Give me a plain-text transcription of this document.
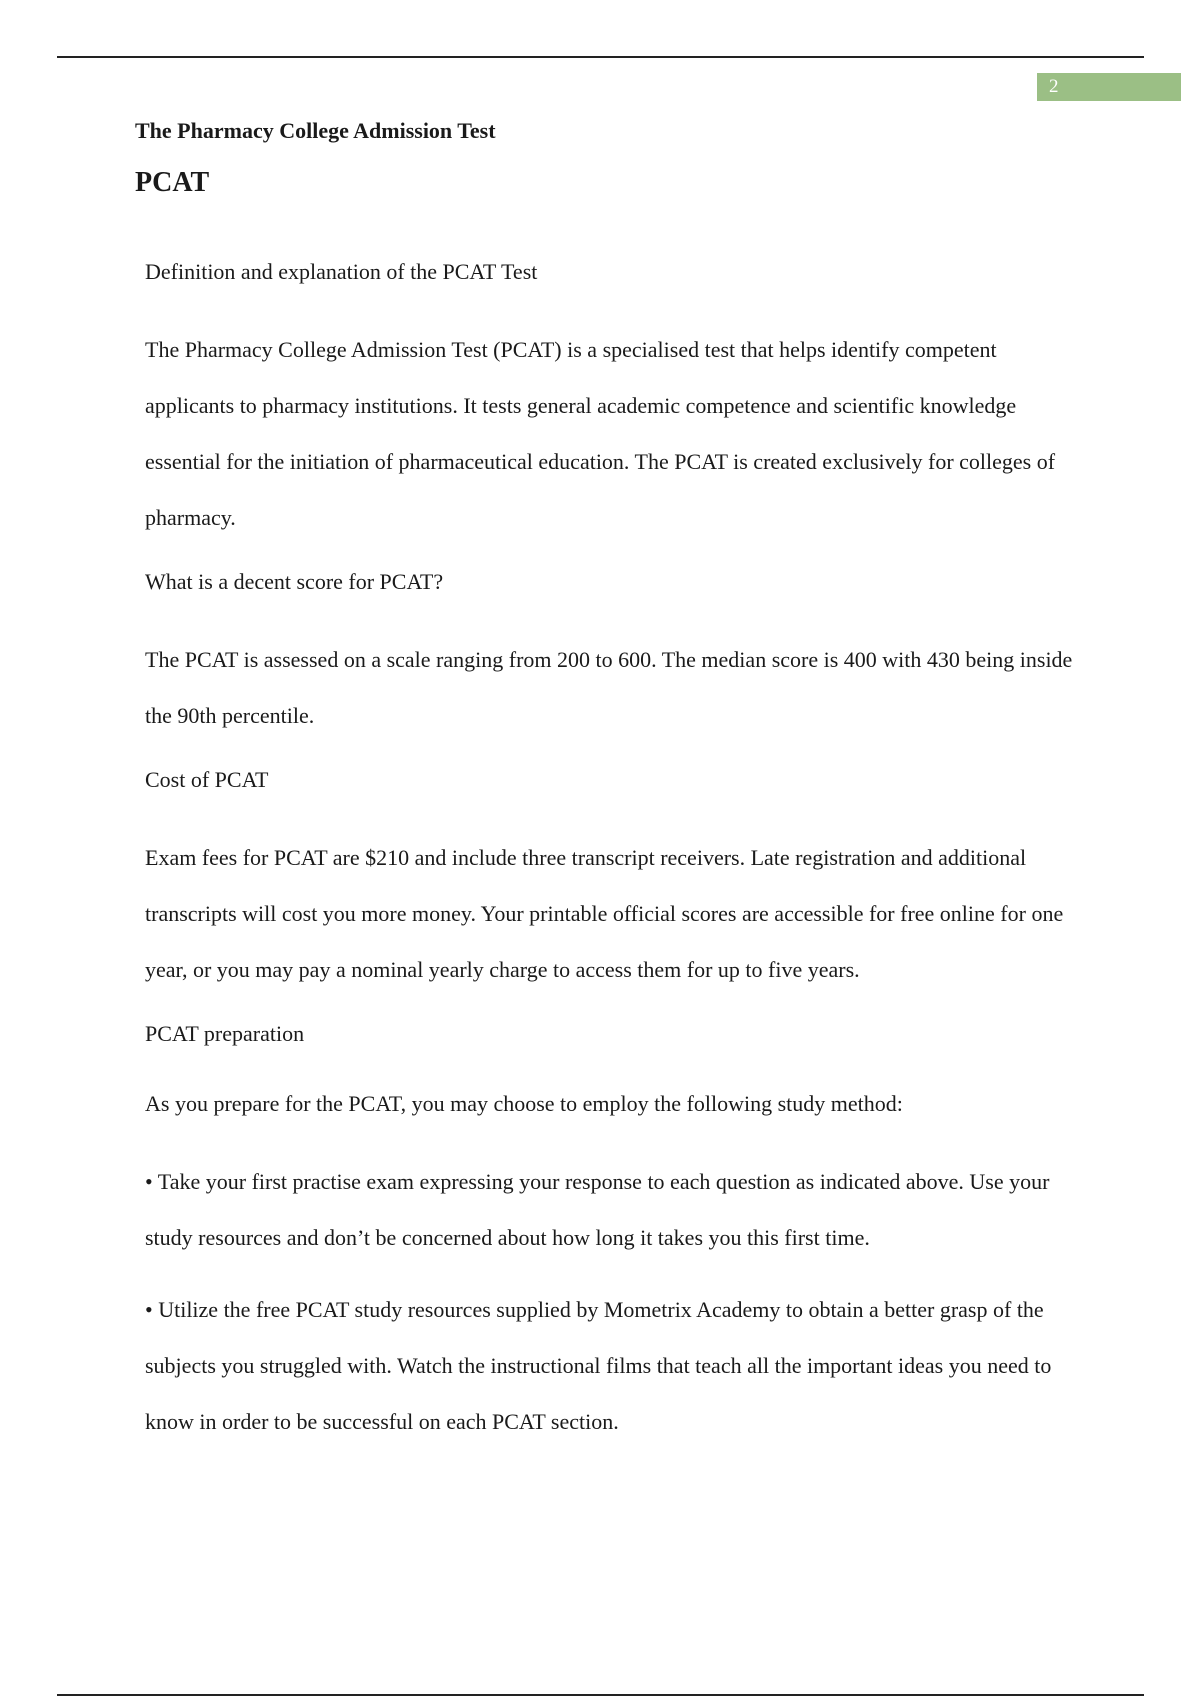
2
The Pharmacy College Admission Test
PCAT

Definition and explanation of the PCAT Test

The Pharmacy College Admission Test (PCAT) is a specialised test that helps identify competent applicants to pharmacy institutions. It tests general academic competence and scientific knowledge essential for the initiation of pharmaceutical education. The PCAT is created exclusively for colleges of pharmacy.

What is a decent score for PCAT?

The PCAT is assessed on a scale ranging from 200 to 600. The median score is 400 with 430 being inside the 90th percentile.

Cost of PCAT

Exam fees for PCAT are $210 and include three transcript receivers. Late registration and additional transcripts will cost you more money. Your printable official scores are accessible for free online for one year, or you may pay a nominal yearly charge to access them for up to five years.

PCAT preparation

As you prepare for the PCAT, you may choose to employ the following study method:

• Take your first practise exam expressing your response to each question as indicated above. Use your study resources and don’t be concerned about how long it takes you this first time.

• Utilize the free PCAT study resources supplied by Mometrix Academy to obtain a better grasp of the subjects you struggled with. Watch the instructional films that teach all the important ideas you need to know in order to be successful on each PCAT section.
